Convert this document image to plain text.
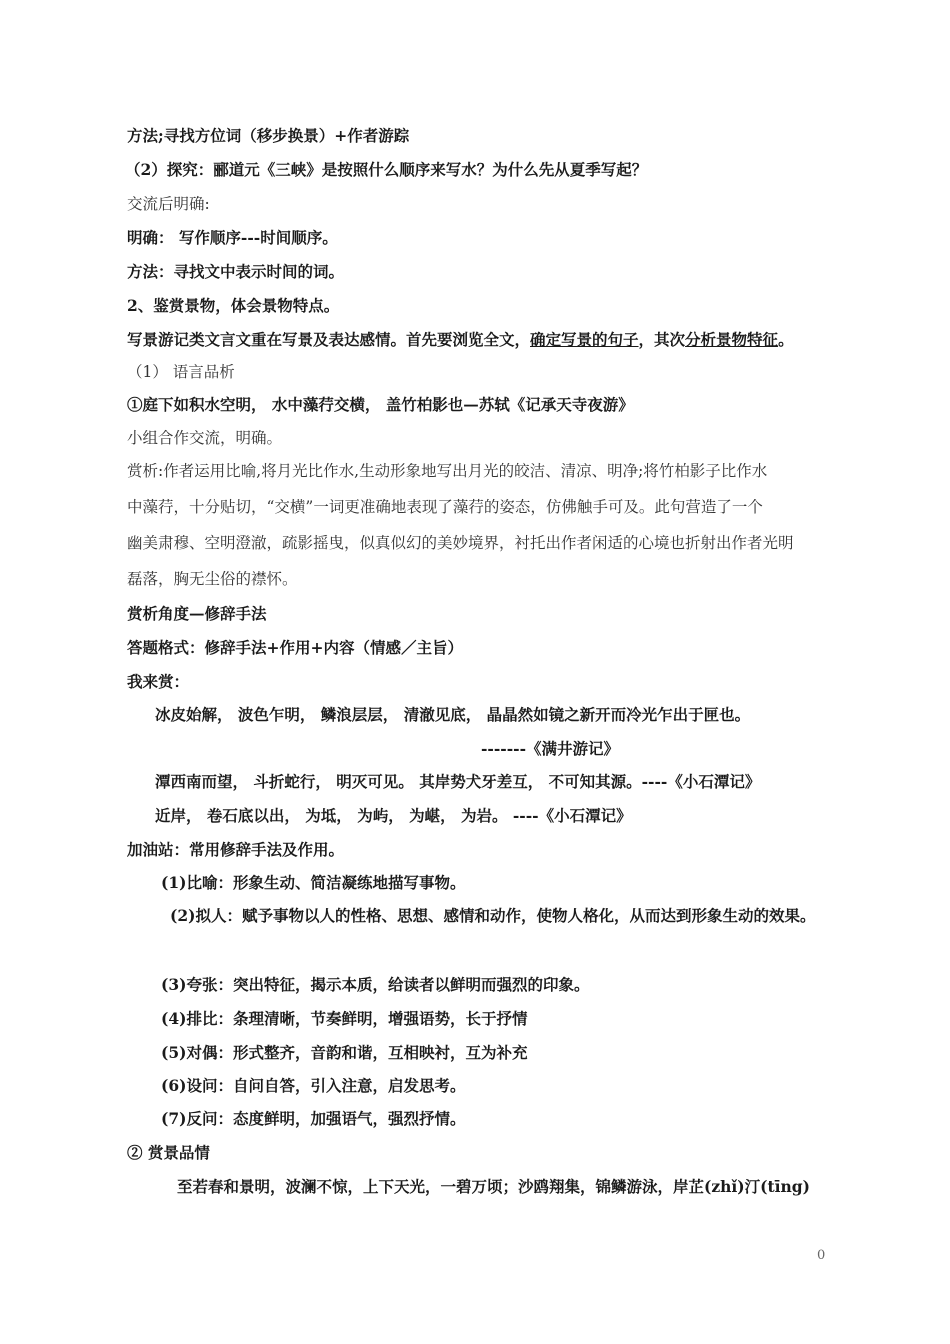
方法;寻找方位词（移步换景）+作者游踪
（2）探究：郦道元《三峡》是按照什么顺序来写水？为什么先从夏季写起？
交流后明确:
明确： 写作顺序---时间顺序。
方法：寻找文中表示时间的词。
2、鉴赏景物，体会景物特点。
写景游记类文言文重在写景及表达感情。首先要浏览全文，确定写景的句子，其次分析景物特征。
（1） 语言品析
①庭下如积水空明， 水中藻荇交横， 盖竹柏影也—苏轼《记承天寺夜游》
小组合作交流，明确。
赏析:作者运用比喻,将月光比作水,生动形象地写出月光的皎洁、清凉、明净;将竹柏影子比作水
中藻荇，十分贴切，“交横”一词更准确地表现了藻荇的姿态，仿佛触手可及。此句营造了一个
幽美肃穆、空明澄澈，疏影摇曳，似真似幻的美妙境界，衬托出作者闲适的心境也折射出作者光明
磊落，胸无尘俗的襟怀。
赏析角度—修辞手法
答题格式：修辞手法+作用+内容（情感／主旨）
我来赏：
冰皮始解， 波色乍明， 鳞浪层层， 清澈见底， 晶晶然如镜之新开而冷光乍出于匣也。
-------《满井游记》
潭西南而望， 斗折蛇行， 明灭可见。 其岸势犬牙差互， 不可知其源。----《小石潭记》
近岸， 卷石底以出， 为坻， 为屿， 为嵁， 为岩。 ----《小石潭记》
加油站：常用修辞手法及作用。
(1)比喻：形象生动、简洁凝练地描写事物。
(2)拟人：赋予事物以人的性格、思想、感情和动作，使物人格化，从而达到形象生动的效果。
(3)夸张：突出特征，揭示本质，给读者以鲜明而强烈的印象。
(4)排比：条理清晰，节奏鲜明，增强语势，长于抒情
(5)对偶：形式整齐，音韵和谐，互相映衬，互为补充
(6)设问：自问自答，引入注意，启发思考。
(7)反问：态度鲜明，加强语气，强烈抒情。
② 赏景品情
至若春和景明，波澜不惊，上下天光，一碧万顷；沙鸥翔集，锦鳞游泳，岸芷(zhǐ)汀(tīng)
0
